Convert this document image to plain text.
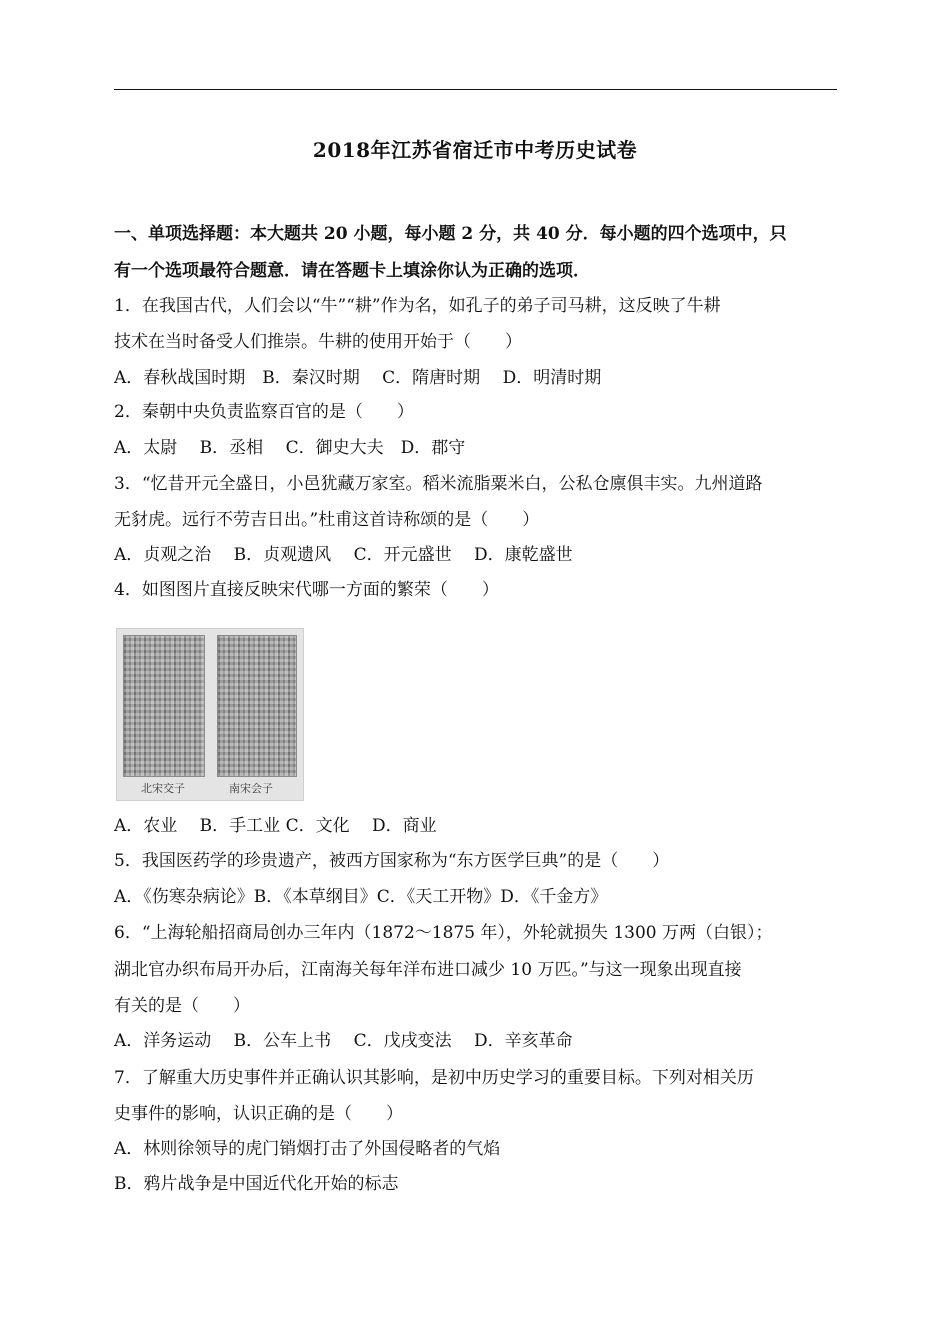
2018年江苏省宿迁市中考历史试卷
一、单项选择题：本大题共 20 小题，每小题 2 分，共 40 分．每小题的四个选项中，只
有一个选项最符合题意．请在答题卡上填涂你认为正确的选项．
1．在我国古代，人们会以“牛”“耕”作为名，如孔子的弟子司马耕，这反映了牛耕
技术在当时备受人们推崇。牛耕的使用开始于（　　）
A．春秋战国时期　B．秦汉时期　 C．隋唐时期　 D．明清时期
2．秦朝中央负责监察百官的是（　　）
A．太尉　 B．丞相　 C．御史大夫　D．郡守
3．“忆昔开元全盛日，小邑犹藏万家室。稻米流脂粟米白，公私仓廪俱丰实。九州道路
无豺虎。远行不劳吉日出。”杜甫这首诗称颂的是（　　）
A．贞观之治　 B．贞观遗风　 C．开元盛世　 D．康乾盛世
4．如图图片直接反映宋代哪一方面的繁荣（　　）
北宋交子	南宋会子
A．农业　 B．手工业 C．文化　 D．商业
5．我国医药学的珍贵遗产，被西方国家称为“东方医学巨典”的是（　　）
A．《伤寒杂病论》B．《本草纲目》C．《天工开物》D．《千金方》
6．“上海轮船招商局创办三年内（1872～1875 年），外轮就损失 1300 万两（白银）；
湖北官办织布局开办后，江南海关每年洋布进口减少 10 万匹。”与这一现象出现直接
有关的是（　　）
A．洋务运动　 B．公车上书　 C．戊戌变法　 D．辛亥革命
7．了解重大历史事件并正确认识其影响，是初中历史学习的重要目标。下列对相关历
史事件的影响，认识正确的是（　　）
A．林则徐领导的虎门销烟打击了外国侵略者的气焰
B．鸦片战争是中国近代化开始的标志
